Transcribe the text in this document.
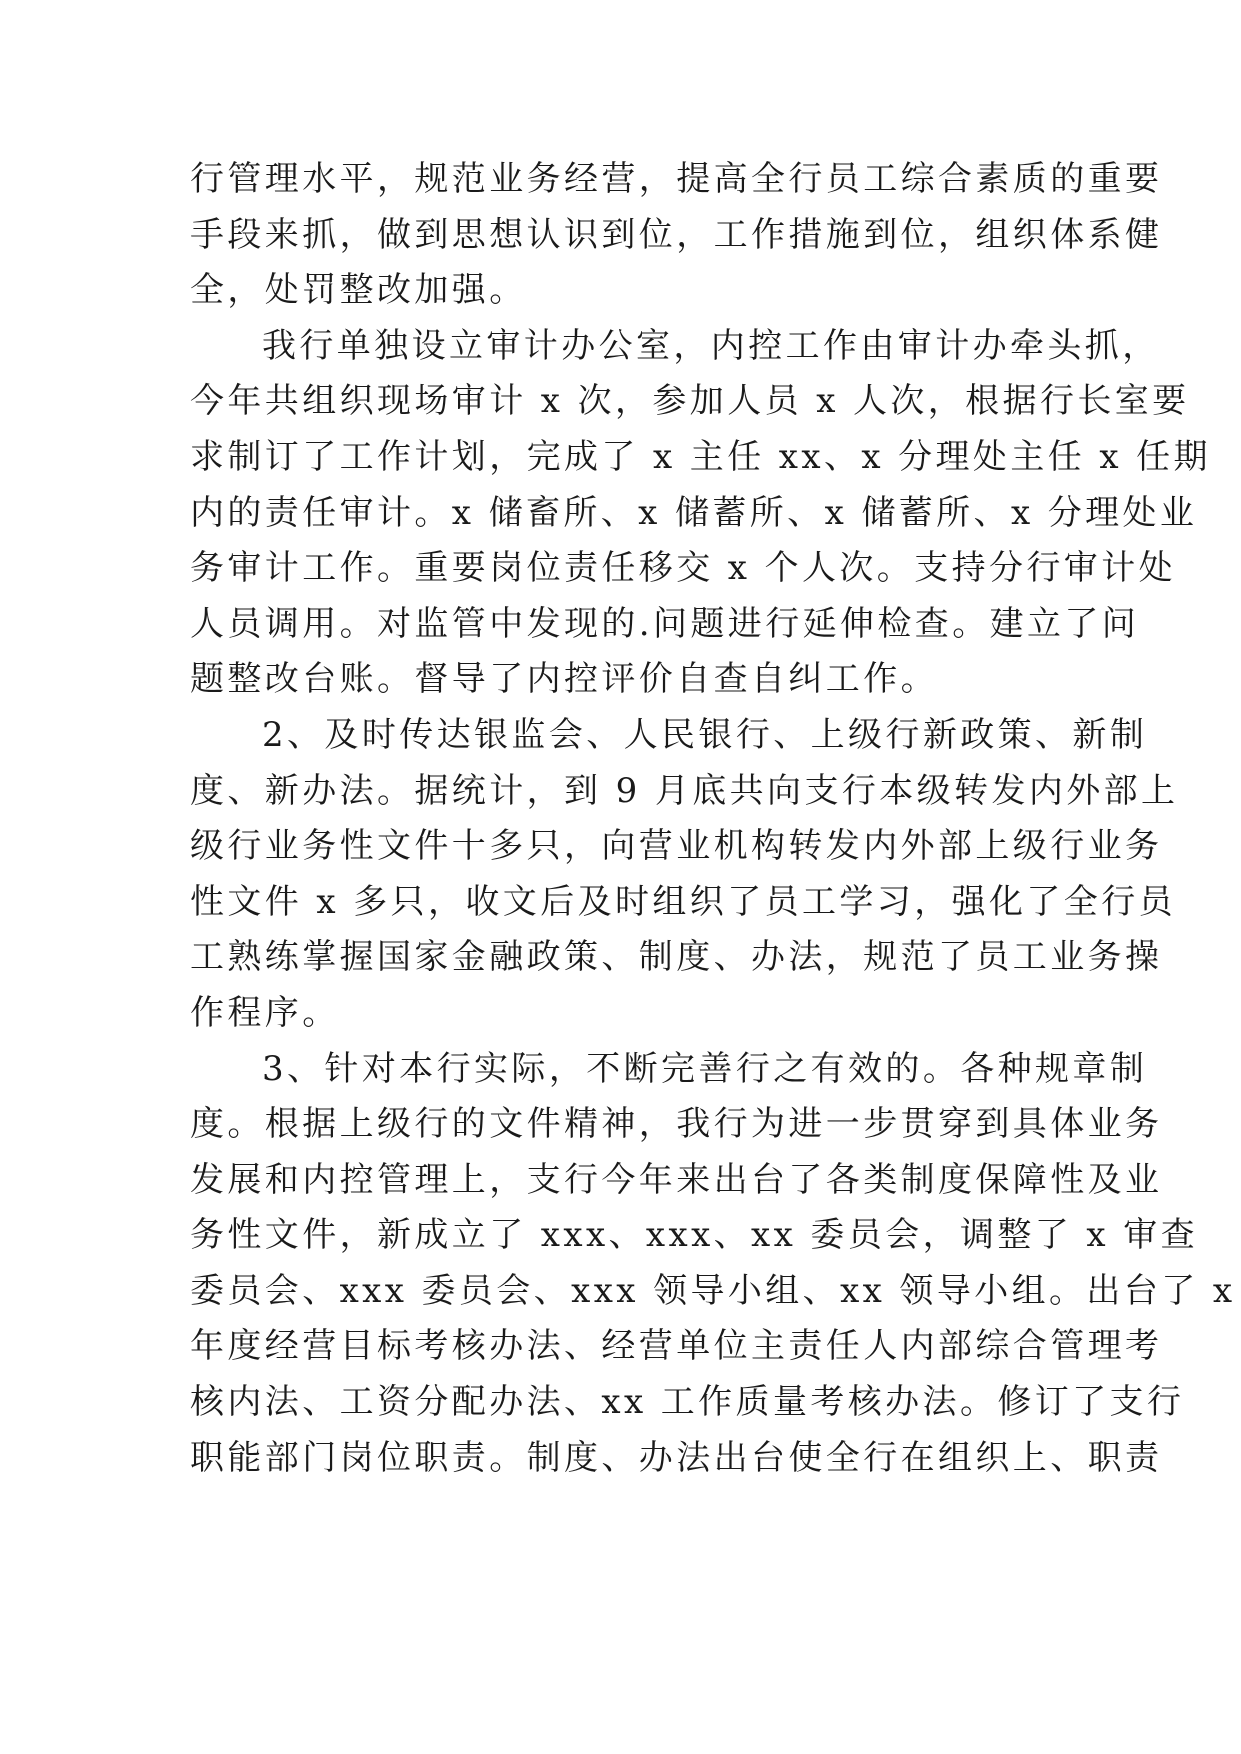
行管理水平，规范业务经营，提高全行员工综合素质的重要
手段来抓，做到思想认识到位，工作措施到位，组织体系健
全，处罚整改加强。
我行单独设立审计办公室，内控工作由审计办牵头抓，
今年共组织现场审计 x 次，参加人员 x 人次，根据行长室要
求制订了工作计划，完成了 x 主任 xx、x 分理处主任 x 任期
内的责任审计。x 储畜所、x 储蓄所、x 储蓄所、x 分理处业
务审计工作。重要岗位责任移交 x 个人次。支持分行审计处
人员调用。对监管中发现的.问题进行延伸检查。建立了问
题整改台账。督导了内控评价自查自纠工作。
2、及时传达银监会、人民银行、上级行新政策、新制
度、新办法。据统计，到 9 月底共向支行本级转发内外部上
级行业务性文件十多只，向营业机构转发内外部上级行业务
性文件 x 多只，收文后及时组织了员工学习，强化了全行员
工熟练掌握国家金融政策、制度、办法，规范了员工业务操
作程序。
3、针对本行实际，不断完善行之有效的。各种规章制
度。根据上级行的文件精神，我行为进一步贯穿到具体业务
发展和内控管理上，支行今年来出台了各类制度保障性及业
务性文件，新成立了 xxx、xxx、xx 委员会，调整了 x 审查
委员会、xxx 委员会、xxx 领导小组、xx 领导小组。出台了 x
年度经营目标考核办法、经营单位主责任人内部综合管理考
核内法、工资分配办法、xx 工作质量考核办法。修订了支行
职能部门岗位职责。制度、办法出台使全行在组织上、职责
